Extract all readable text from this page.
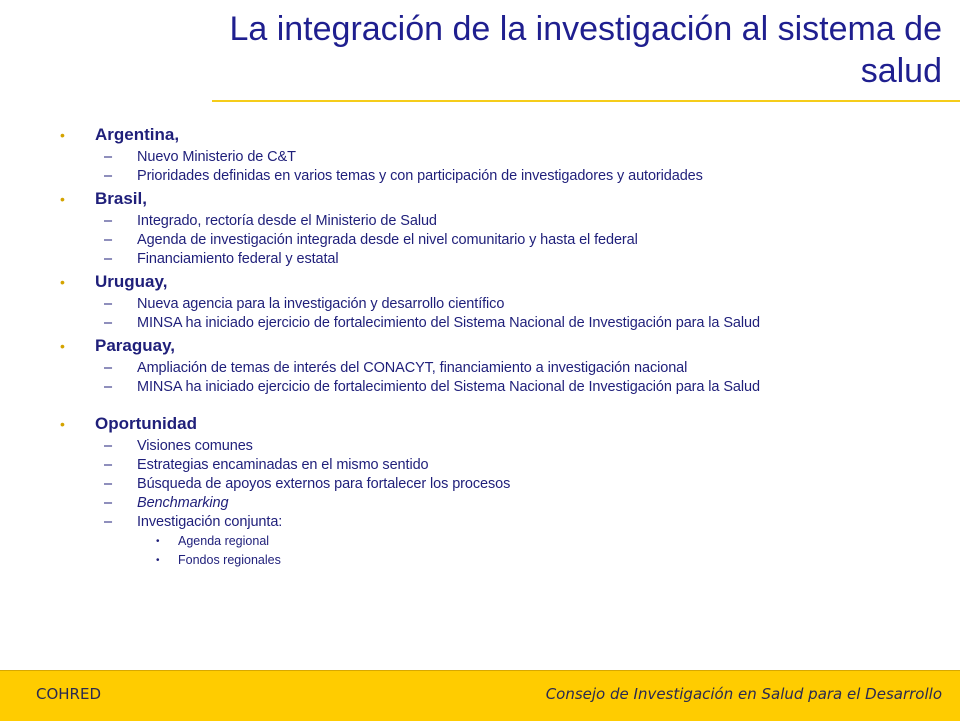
La integración de la investigación al sistema de salud
• Argentina,
– Nuevo Ministerio de C&T
– Prioridades definidas en varios temas y con participación de investigadores y autoridades
• Brasil,
– Integrado, rectoría desde el Ministerio de Salud
– Agenda de investigación integrada desde el nivel comunitario y hasta el federal
– Financiamiento federal y estatal
• Uruguay,
– Nueva agencia para la investigación y desarrollo científico
– MINSA ha iniciado ejercicio de fortalecimiento del Sistema Nacional de Investigación para la Salud
• Paraguay,
– Ampliación de temas de interés del CONACYT, financiamiento a investigación nacional
– MINSA ha iniciado ejercicio de fortalecimiento del Sistema Nacional de Investigación para la Salud
• Oportunidad
– Visiones comunes
– Estrategias encaminadas en el mismo sentido
– Búsqueda de apoyos externos para fortalecer los procesos
– Benchmarking
– Investigación conjunta:
• Agenda regional
• Fondos regionales
COHRED	Consejo de Investigación en Salud para el Desarrollo
